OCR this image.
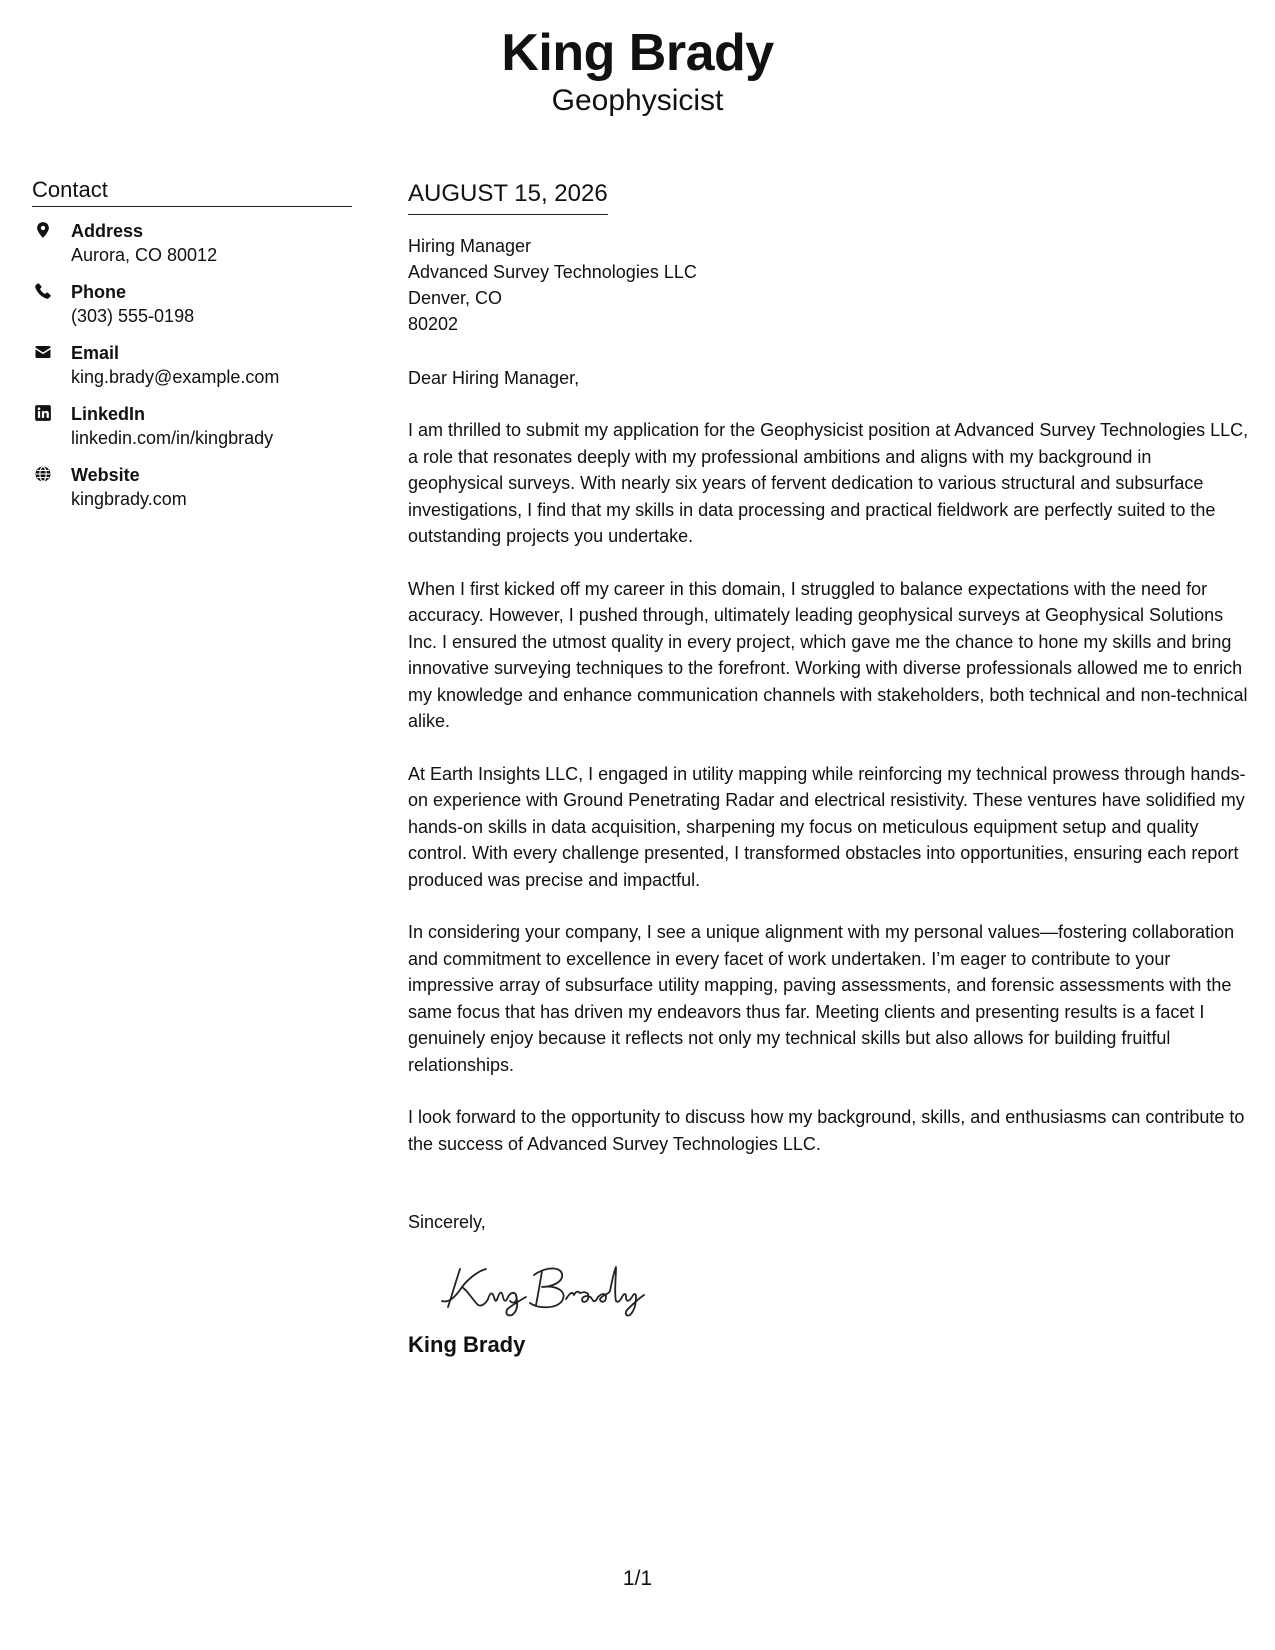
King Brady
Geophysicist
Contact
Address
Aurora, CO 80012
Phone
(303) 555-0198
Email
king.brady@example.com
LinkedIn
linkedin.com/in/kingbrady
Website
kingbrady.com
AUGUST 15, 2026
Hiring Manager
Advanced Survey Technologies LLC
Denver, CO
80202
Dear Hiring Manager,

I am thrilled to submit my application for the Geophysicist position at Advanced Survey Technologies LLC, a role that resonates deeply with my professional ambitions and aligns with my background in geophysical surveys. With nearly six years of fervent dedication to various structural and subsurface investigations, I find that my skills in data processing and practical fieldwork are perfectly suited to the outstanding projects you undertake.

When I first kicked off my career in this domain, I struggled to balance expectations with the need for accuracy. However, I pushed through, ultimately leading geophysical surveys at Geophysical Solutions Inc. I ensured the utmost quality in every project, which gave me the chance to hone my skills and bring innovative surveying techniques to the forefront. Working with diverse professionals allowed me to enrich my knowledge and enhance communication channels with stakeholders, both technical and non-technical alike.

At Earth Insights LLC, I engaged in utility mapping while reinforcing my technical prowess through hands-on experience with Ground Penetrating Radar and electrical resistivity. These ventures have solidified my hands-on skills in data acquisition, sharpening my focus on meticulous equipment setup and quality control. With every challenge presented, I transformed obstacles into opportunities, ensuring each report produced was precise and impactful.

In considering your company, I see a unique alignment with my personal values—fostering collaboration and commitment to excellence in every facet of work undertaken. I’m eager to contribute to your impressive array of subsurface utility mapping, paving assessments, and forensic assessments with the same focus that has driven my endeavors thus far. Meeting clients and presenting results is a facet I genuinely enjoy because it reflects not only my technical skills but also allows for building fruitful relationships.

I look forward to the opportunity to discuss how my background, skills, and enthusiasms can contribute to the success of Advanced Survey Technologies LLC.

Sincerely,
King Brady
1/1
